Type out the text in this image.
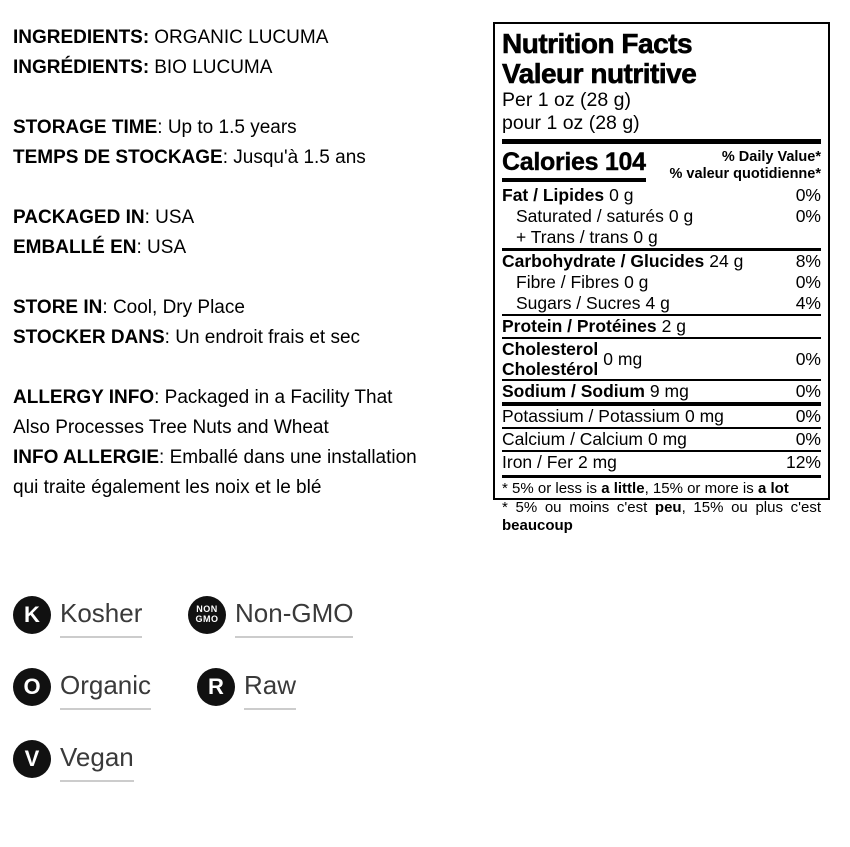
INGREDIENTS: ORGANIC LUCUMA
INGRÉDIENTS: BIO LUCUMA
STORAGE TIME: Up to 1.5 years
TEMPS DE STOCKAGE: Jusqu'à 1.5 ans
PACKAGED IN: USA
EMBALLÉ EN: USA
STORE IN: Cool, Dry Place
STOCKER DANS: Un endroit frais et sec
ALLERGY INFO: Packaged in a Facility That
Also Processes Tree Nuts and Wheat
INFO ALLERGIE: Emballé dans une installation
qui traite également les noix et le blé
Nutrition Facts
Valeur nutritive
Per 1 oz (28 g)
pour 1 oz (28 g)
Calories 104	% Daily Value*
% valeur quotidienne*
Fat / Lipides 0 g	0%
Saturated / saturés 0 g	0%
+ Trans / trans 0 g
Carbohydrate / Glucides 24 g	8%
Fibre / Fibres 0 g	0%
Sugars / Sucres 4 g	4%
Protein / Protéines 2 g
Cholesterol
Cholestérol
0 mg	0%
Sodium / Sodium 9 mg	0%
Potassium / Potassium 0 mg	0%
Calcium / Calcium 0 mg	0%
Iron / Fer 2 mg	12%
* 5% or less is a little, 15% or more is a lot
* 5% ou moins c'est peu, 15% ou plus c'est
beaucoup
K Kosher	NON
GMO Non-GMO
O Organic	R Raw
V Vegan
